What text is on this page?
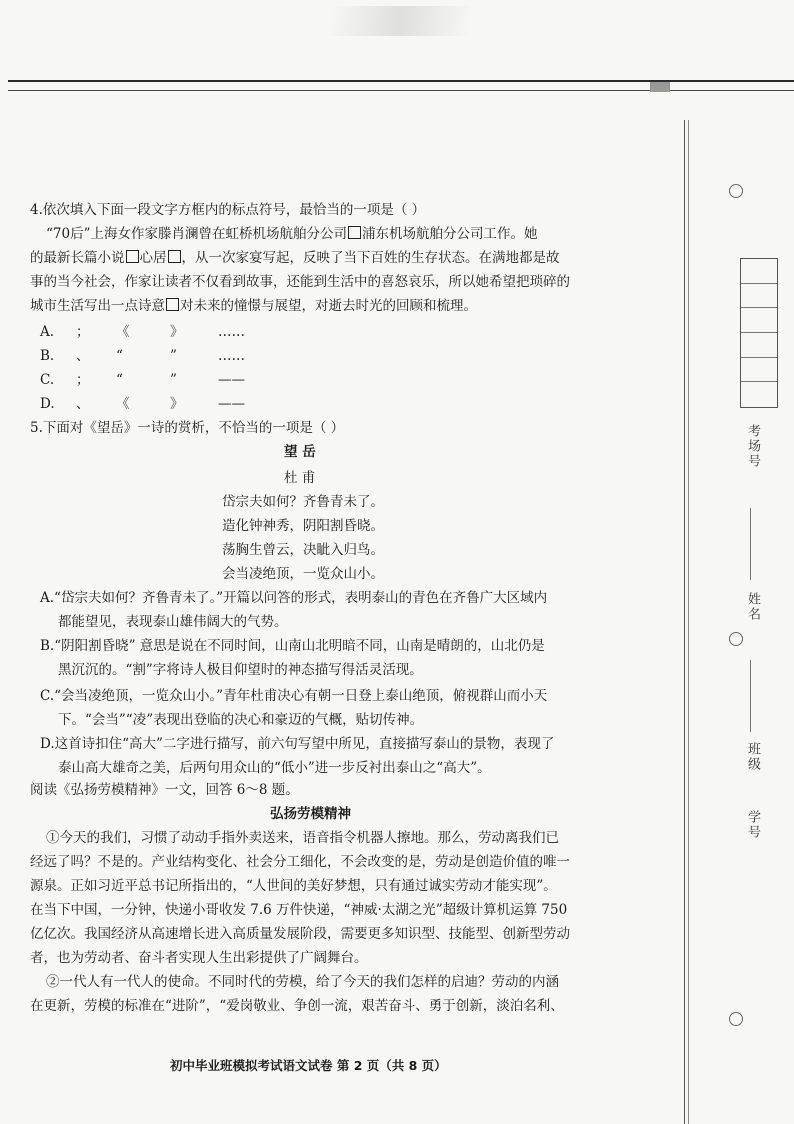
考场号
姓名
班级
学号
4.依次填入下面一段文字方框内的标点符号，最恰当的一项是（ ）
“70后”上海女作家滕肖澜曾在虹桥机场航舶分公司 浦东机场航舶分公司工作。她
的最新长篇小说 心居 ，从一次家宴写起，反映了当下百姓的生存状态。在满地都是故
事的当今社会，作家让读者不仅看到故事，还能到生活中的喜怒哀乐，所以她希望把琐碎的
城市生活写出一点诗意 对未来的憧憬与展望，对逝去时光的回顾和梳理。
A. ； 《	》	……
B. 、 “	”	……
C. ； “	”	——
D. 、 《	》	——
5.下面对《望岳》一诗的赏析，不恰当的一项是（ ）
望 岳
杜 甫
岱宗夫如何？齐鲁青未了。
造化钟神秀，阴阳割昏晓。
荡胸生曾云，决眦入归鸟。
会当凌绝顶，一览众山小。
A.“岱宗夫如何？齐鲁青未了。”开篇以问答的形式，表明泰山的青色在齐鲁广大区域内
都能望见，表现泰山雄伟阔大的气势。
B.“阴阳割昏晓” 意思是说在不同时间，山南山北明暗不同，山南是晴朗的，山北仍是
黑沉沉的。“割”字将诗人极目仰望时的神态描写得活灵活现。
C.“会当凌绝顶，一览众山小。”青年杜甫决心有朝一日登上泰山绝顶，俯视群山而小天
下。“会当”“凌”表现出登临的决心和豪迈的气概，贴切传神。
D.这首诗扣住“高大”二字进行描写，前六句写望中所见，直接描写泰山的景物，表现了
泰山高大雄奇之美，后两句用众山的“低小”进一步反衬出泰山之“高大”。
阅读《弘扬劳模精神》一文，回答 6～8 题。
弘扬劳模精神
①今天的我们，习惯了动动手指外卖送来，语音指令机器人擦地。那么，劳动离我们已
经远了吗？不是的。产业结构变化、社会分工细化，不会改变的是，劳动是创造价值的唯一
源泉。正如习近平总书记所指出的，“人世间的美好梦想，只有通过诚实劳动才能实现”。
在当下中国，一分钟，快递小哥收发 7.6 万件快递，“神威·太湖之光”超级计算机运算 750
亿亿次。我国经济从高速增长进入高质量发展阶段，需要更多知识型、技能型、创新型劳动
者，也为劳动者、奋斗者实现人生出彩提供了广阔舞台。
②一代人有一代人的使命。不同时代的劳模，给了今天的我们怎样的启迪？劳动的内涵
在更新，劳模的标准在“进阶”，“爱岗敬业、争创一流，艰苦奋斗、勇于创新，淡泊名利、
初中毕业班模拟考试语文试卷 第 2 页（共 8 页）
